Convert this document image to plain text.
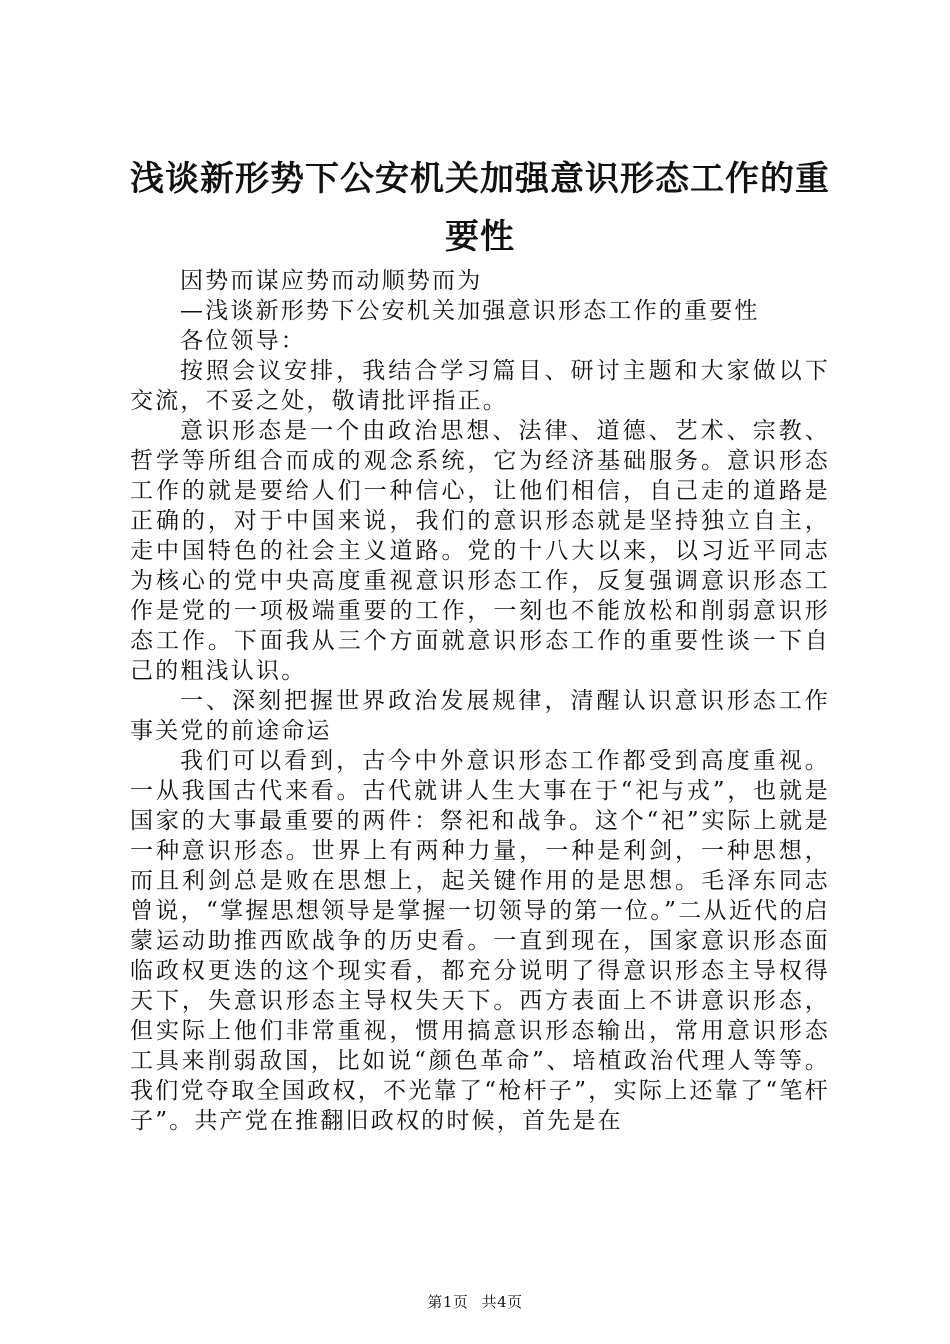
浅谈新形势下公安机关加强意识形态工作的重要性

因势而谋应势而动顺势而为

—浅谈新形势下公安机关加强意识形态工作的重要性

各位领导：

按照会议安排，我结合学习篇目、研讨主题和大家做以下交流，不妥之处，敬请批评指正。

意识形态是一个由政治思想、法律、道德、艺术、宗教、哲学等所组合而成的观念系统，它为经济基础服务。意识形态工作的就是要给人们一种信心，让他们相信，自己走的道路是正确的，对于中国来说，我们的意识形态就是坚持独立自主，走中国特色的社会主义道路。党的十八大以来，以习近平同志为核心的党中央高度重视意识形态工作，反复强调意识形态工作是党的一项极端重要的工作，一刻也不能放松和削弱意识形态工作。下面我从三个方面就意识形态工作的重要性谈一下自己的粗浅认识。

一、深刻把握世界政治发展规律，清醒认识意识形态工作事关党的前途命运

我们可以看到，古今中外意识形态工作都受到高度重视。一从我国古代来看。古代就讲人生大事在于“祀与戎”，也就是国家的大事最重要的两件：祭祀和战争。这个“祀”实际上就是一种意识形态。世界上有两种力量，一种是利剑，一种思想，而且利剑总是败在思想上，起关键作用的是思想。毛泽东同志曾说，“掌握思想领导是掌握一切领导的第一位。”二从近代的启蒙运动助推西欧战争的历史看。一直到现在，国家意识形态面临政权更迭的这个现实看，都充分说明了得意识形态主导权得天下，失意识形态主导权失天下。西方表面上不讲意识形态，但实际上他们非常重视，惯用搞意识形态输出，常用意识形态工具来削弱敌国，比如说“颜色革命”、培植政治代理人等等。我们党夺取全国政权，不光靠了“枪杆子”，实际上还靠了“笔杆子”。共产党在推翻旧政权的时候，首先是在

第1页 共4页
